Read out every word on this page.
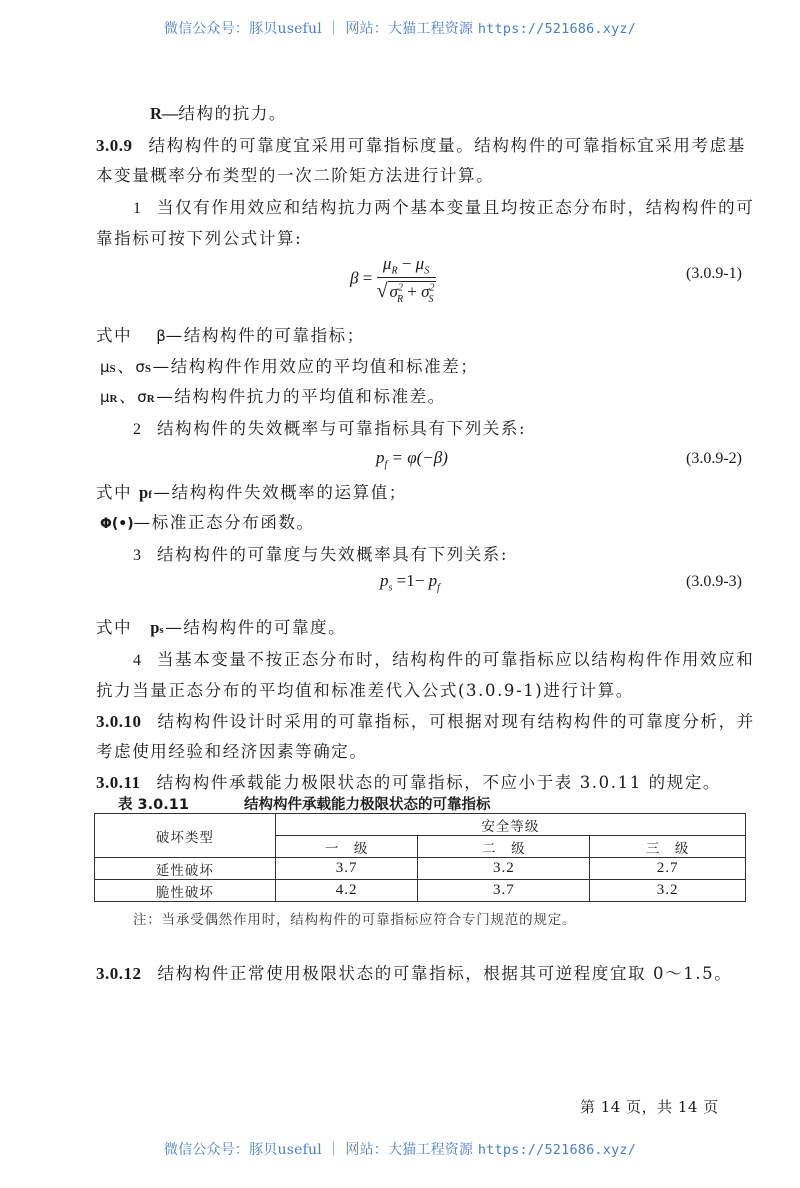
微信公众号：豚贝useful ｜ 网站：大猫工程资源 https://521686.xyz/
R—结构的抗力。
3.0.9 结构构件的可靠度宜采用可靠指标度量。结构构件的可靠指标宜采用考虑基
本变量概率分布类型的一次二阶矩方法进行计算。
1 当仅有作用效应和结构抗力两个基本变量且均按正态分布时，结构构件的可
靠指标可按下列公式计算:
$\beta = \frac{\mu_R - \mu_S}{√ \sigma^2_R + \sigma^2_S}$	(3.0.9-1)
式中 β—结构构件的可靠指标；
μS、σS—结构构件作用效应的平均值和标准差；
μR、σR—结构构件抗力的平均值和标准差。
2 结构构件的失效概率与可靠指标具有下列关系:
$p_f = \varphi(-\beta)$	(3.0.9-2)
式中 pf—结构构件失效概率的运算值；
Φ(•)—标准正态分布函数。
3 结构构件的可靠度与失效概率具有下列关系:
$p_s =1- p_f$	(3.0.9-3)
式中 ps—结构构件的可靠度。
4 当基本变量不按正态分布时，结构构件的可靠指标应以结构构件作用效应和
抗力当量正态分布的平均值和标准差代入公式(3.0.9-1)进行计算。
3.0.10 结构构件设计时采用的可靠指标，可根据对现有结构构件的可靠度分析，并
考虑使用经验和经济因素等确定。
3.0.11 结构构件承载能力极限状态的可靠指标，不应小于表 3.0.11 的规定。
表 3.0.11	结构构件承载能力极限状态的可靠指标
破坏类型	安全等级		
	一　级	二　级	三　级
延性破坏	3.7	3.2	2.7
脆性破坏	4.2	3.7	3.2
注：当承受偶然作用时，结构构件的可靠指标应符合专门规范的规定。
3.0.12 结构构件正常使用极限状态的可靠指标，根据其可逆程度宜取 0～1.5。
第 14 页，共 14 页
微信公众号：豚贝useful ｜ 网站：大猫工程资源 https://521686.xyz/
